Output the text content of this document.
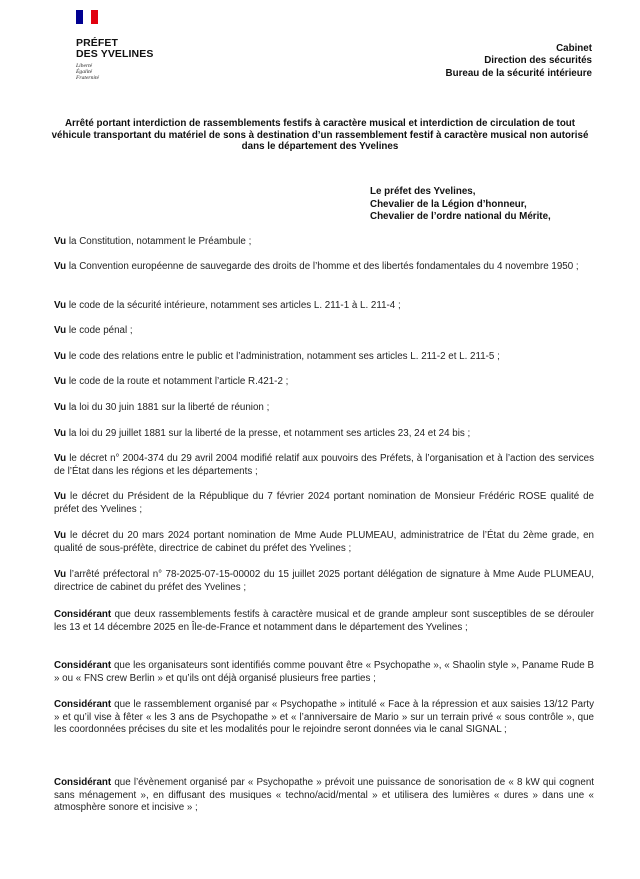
PRÉFET
DES YVELINES
Liberté
Égalité
Fraternité
Cabinet
Direction des sécurités
Bureau de la sécurité intérieure
Arrêté portant interdiction de rassemblements festifs à caractère musical et interdiction de circulation de tout véhicule transportant du matériel de sons à destination d’un rassemblement festif à caractère musical non autorisé dans le département des Yvelines
Le préfet des Yvelines,
Chevalier de la Légion d’honneur,
Chevalier de l’ordre national du Mérite,
Vu la Constitution, notamment le Préambule ;
Vu la Convention européenne de sauvegarde des droits de l’homme et des libertés fondamentales du 4 novembre 1950 ;
Vu le code de la sécurité intérieure, notamment ses articles L. 211-1 à L. 211-4 ;
Vu le code pénal ;
Vu le code des relations entre le public et l’administration, notamment ses articles L. 211-2 et L. 211-5 ;
Vu le code de la route et notamment l’article R.421-2 ;
Vu la loi du 30 juin 1881 sur la liberté de réunion ;
Vu la loi du 29 juillet 1881 sur la liberté de la presse, et notamment ses articles 23, 24 et 24 bis ;
Vu le décret n° 2004-374 du 29 avril 2004 modifié relatif aux pouvoirs des Préfets, à l’organisation et à l’action des services de l’État dans les régions et les départements ;
Vu le décret du Président de la République du 7 février 2024 portant nomination de Monsieur Frédéric ROSE qualité de préfet des Yvelines ;
Vu le décret du 20 mars 2024 portant nomination de Mme Aude PLUMEAU, administratrice de l’État du 2ème grade, en qualité de sous-préfète, directrice de cabinet du préfet des Yvelines ;
Vu l’arrêté préfectoral n° 78-2025-07-15-00002 du 15 juillet 2025 portant délégation de signature à Mme Aude PLUMEAU, directrice de cabinet du préfet des Yvelines ;
Considérant que deux rassemblements festifs à caractère musical et de grande ampleur sont susceptibles de se dérouler les 13 et 14 décembre 2025 en Île-de-France et notamment dans le département des Yvelines ;
Considérant que les organisateurs sont identifiés comme pouvant être « Psychopathe », « Shaolin style », Paname Rude B » ou « FNS crew Berlin » et qu’ils ont déjà organisé plusieurs free parties ;
Considérant que le rassemblement organisé par « Psychopathe » intitulé « Face à la répression et aux saisies 13/12 Party » et qu’il vise à fêter « les 3 ans de Psychopathe » et « l’anniversaire de Mario » sur un terrain privé « sous contrôle », que les coordonnées précises du site et les modalités pour le rejoindre seront données via le canal SIGNAL ;
Considérant que l’évènement organisé par « Psychopathe » prévoit une puissance de sonorisation de « 8 kW qui cognent sans ménagement », en diffusant des musiques « techno/acid/mental » et utilisera des lumières « dures » dans une « atmosphère sonore et incisive » ;
